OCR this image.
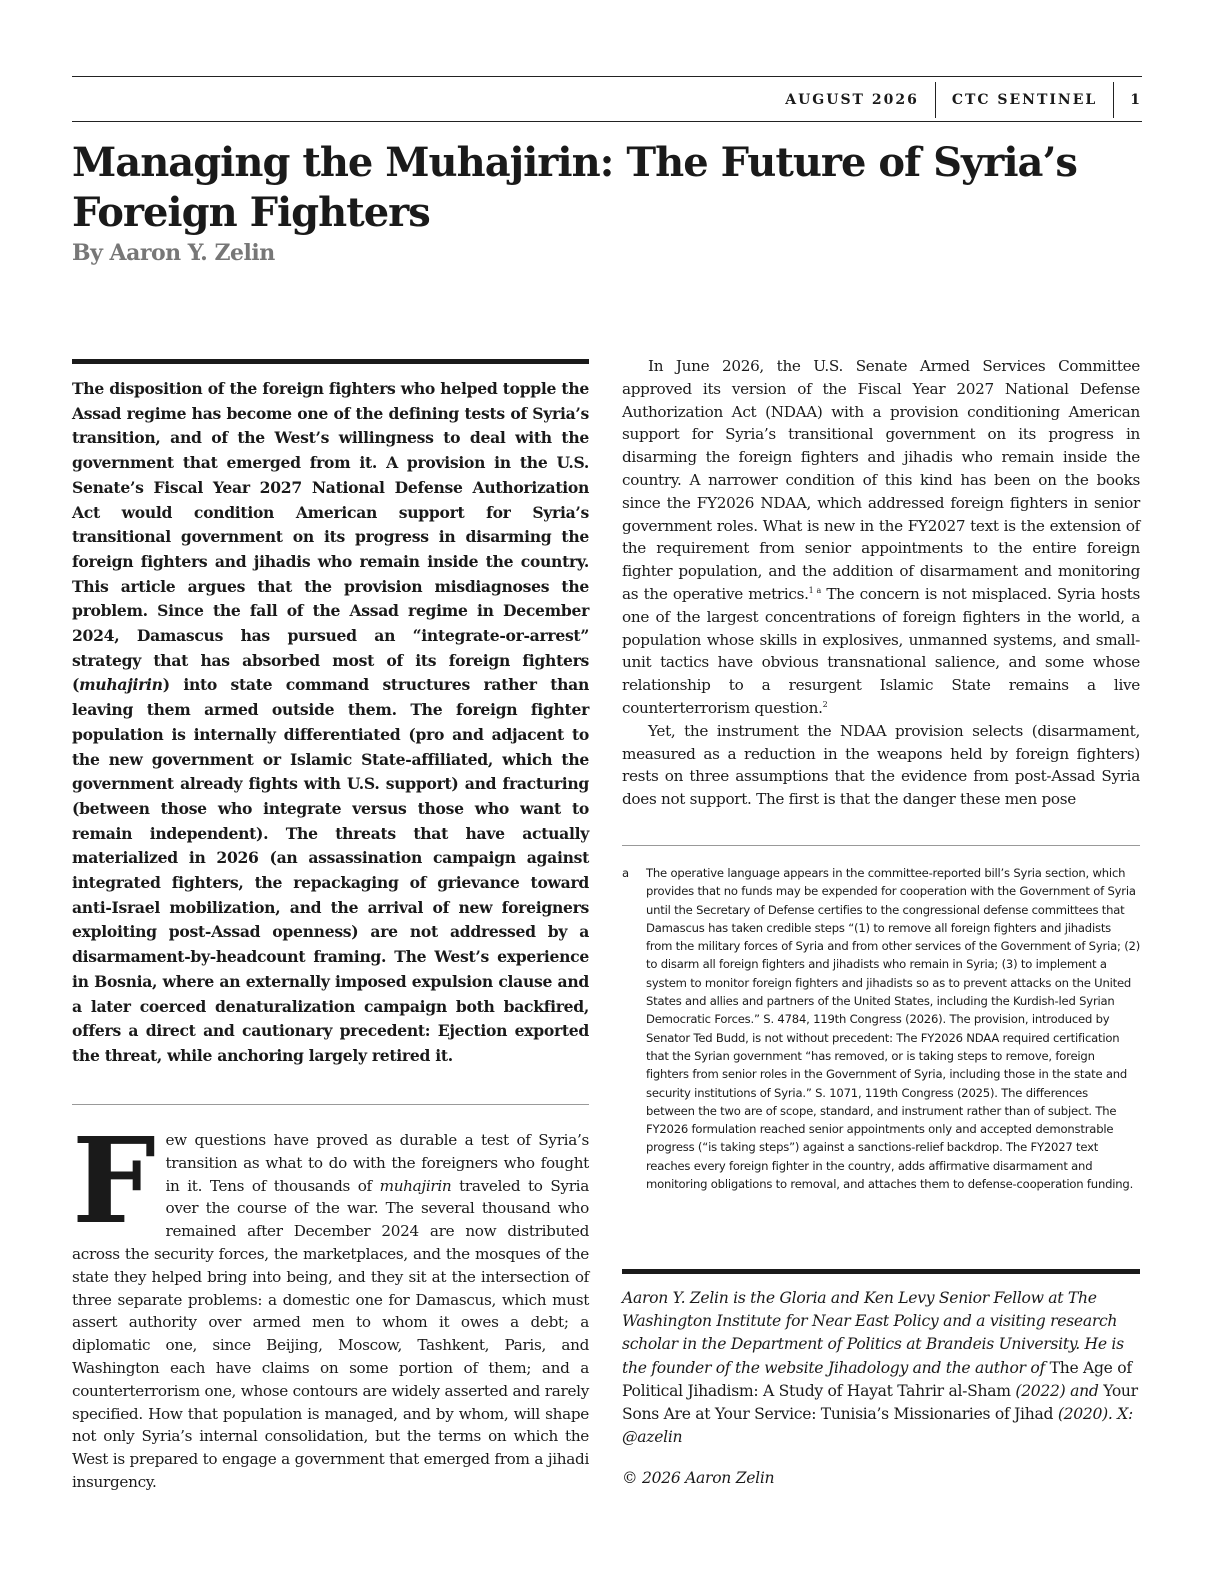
AUGUST 2026 CTC SENTINEL 1
Managing the Muhajirin: The Future of Syria’s Foreign Fighters

By Aaron Y. Zelin

The disposition of the foreign fighters who helped topple the Assad regime has become one of the defining tests of Syria’s transition, and of the West’s willingness to deal with the government that emerged from it. A provision in the U.S. Senate’s Fiscal Year 2027 National Defense Authorization Act would condition American support for Syria’s transitional government on its progress in disarming the foreign fighters and jihadis who remain inside the country. This article argues that the provision misdiagnoses the problem. Since the fall of the Assad regime in December 2024, Damascus has pursued an “integrate-or-arrest” strategy that has absorbed most of its foreign fighters (muhajirin) into state command structures rather than leaving them armed outside them. The foreign fighter population is internally differentiated (pro and adjacent to the new government or Islamic State-affiliated, which the government already fights with U.S. support) and fracturing (between those who integrate versus those who want to remain independent). The threats that have actually materialized in 2026 (an assassination campaign against integrated fighters, the repackaging of grievance toward anti-Israel mobilization, and the arrival of new foreigners exploiting post-Assad openness) are not addressed by a disarmament-by-headcount framing. The West’s experience in Bosnia, where an externally imposed expulsion clause and a later coerced denaturalization campaign both backfired, offers a direct and cautionary precedent: Ejection exported the threat, while anchoring largely retired it.

Few questions have proved as durable a test of Syria’s transition as what to do with the foreigners who fought in it. Tens of thousands of muhajirin traveled to Syria over the course of the war. The several thousand who remained after December 2024 are now distributed across the security forces, the marketplaces, and the mosques of the state they helped bring into being, and they sit at the intersection of three separate problems: a domestic one for Damascus, which must assert authority over armed men to whom it owes a debt; a diplomatic one, since Beijing, Moscow, Tashkent, Paris, and Washington each have claims on some portion of them; and a counterterrorism one, whose contours are widely asserted and rarely specified. How that population is managed, and by whom, will shape not only Syria’s internal consolidation, but the terms on which the West is prepared to engage a government that emerged from a jihadi insurgency.

In June 2026, the U.S. Senate Armed Services Committee approved its version of the Fiscal Year 2027 National Defense Authorization Act (NDAA) with a provision conditioning American support for Syria’s transitional government on its progress in disarming the foreign fighters and jihadis who remain inside the country. A narrower condition of this kind has been on the books since the FY2026 NDAA, which addressed foreign fighters in senior government roles. What is new in the FY2027 text is the extension of the requirement from senior appointments to the entire foreign fighter population, and the addition of disarmament and monitoring as the operative metrics.$^{1 a}$ The concern is not misplaced. Syria hosts one of the largest concentrations of foreign fighters in the world, a population whose skills in explosives, unmanned systems, and small-unit tactics have obvious transnational salience, and some whose relationship to a resurgent Islamic State remains a live counterterrorism question.$^2$

Yet, the instrument the NDAA provision selects (disarmament, measured as a reduction in the weapons held by foreign fighters) rests on three assumptions that the evidence from post-Assad Syria does not support. The first is that the danger these men pose

a	The operative language appears in the committee-reported bill’s Syria section, which provides that no funds may be expended for cooperation with the Government of Syria until the Secretary of Defense certifies to the congressional defense committees that Damascus has taken credible steps “(1) to remove all foreign fighters and jihadists from the military forces of Syria and from other services of the Government of Syria; (2) to disarm all foreign fighters and jihadists who remain in Syria; (3) to implement a system to monitor foreign fighters and jihadists so as to prevent attacks on the United States and allies and partners of the United States, including the Kurdish-led Syrian Democratic Forces.” S. 4784, 119th Congress (2026). The provision, introduced by Senator Ted Budd, is not without precedent: The FY2026 NDAA required certification that the Syrian government “has removed, or is taking steps to remove, foreign fighters from senior roles in the Government of Syria, including those in the state and security institutions of Syria.” S. 1071, 119th Congress (2025). The differences between the two are of scope, standard, and instrument rather than of subject. The FY2026 formulation reached senior appointments only and accepted demonstrable progress (“is taking steps”) against a sanctions-relief backdrop. The FY2027 text reaches every foreign fighter in the country, adds affirmative disarmament and monitoring obligations to removal, and attaches them to defense-cooperation funding.

Aaron Y. Zelin is the Gloria and Ken Levy Senior Fellow at The Washington Institute for Near East Policy and a visiting research scholar in the Department of Politics at Brandeis University. He is the founder of the website Jihadology and the author of The Age of Political Jihadism: A Study of Hayat Tahrir al-Sham (2022) and Your Sons Are at Your Service: Tunisia’s Missionaries of Jihad (2020). X: @azelin

© 2026 Aaron Zelin
